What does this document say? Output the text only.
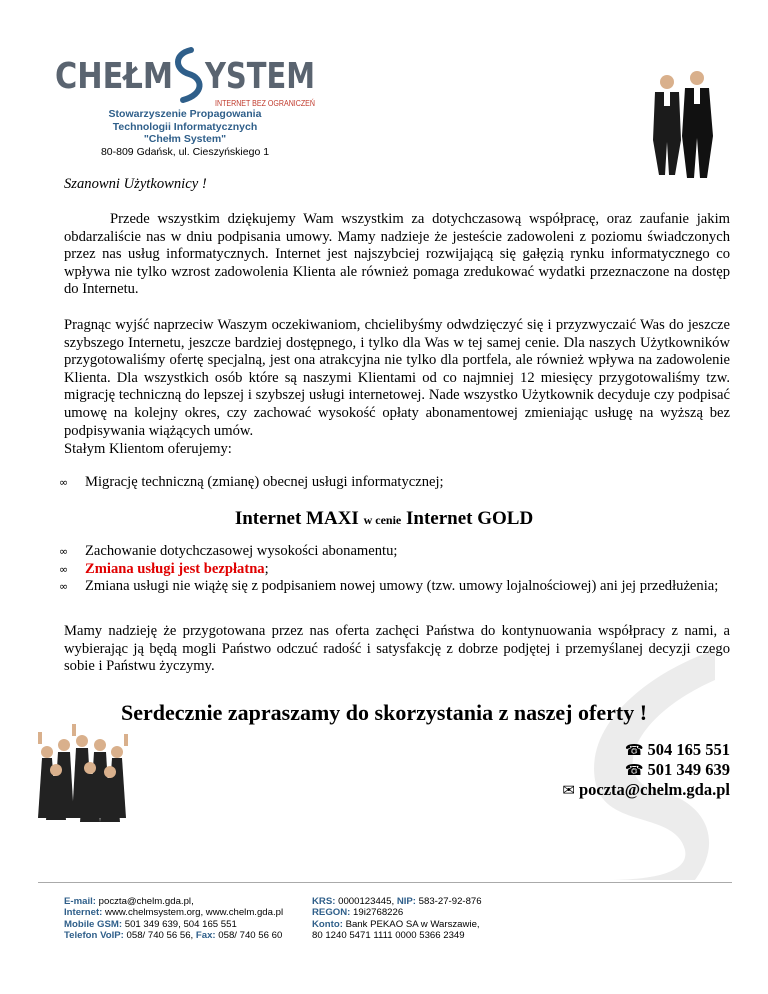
CHEŁM YSTEM
INTERNET BEZ OGRANICZEŃ
Stowarzyszenie Propagowania
Technologii Informatycznych
"Chełm System"
80-809 Gdańsk, ul. Cieszyńskiego 1
Szanowni Użytkownicy !
Przede wszystkim dziękujemy Wam wszystkim za dotychczasową współpracę, oraz zaufanie jakim obdarzaliście nas w dniu podpisania umowy. Mamy nadzieje że jesteście zadowoleni z poziomu świadczonych przez nas usług informatycznych. Internet jest najszybciej rozwijającą się gałęzią rynku informatycznego co wpływa nie tylko wzrost zadowolenia Klienta ale również pomaga zredukować wydatki przeznaczone na dostęp do Internetu.
Pragnąc wyjść naprzeciw Waszym oczekiwaniom, chcielibyśmy odwdzięczyć się i przyzwyczaić Was do jeszcze szybszego Internetu, jeszcze bardziej dostępnego, i tylko dla Was w tej samej cenie. Dla naszych Użytkowników przygotowaliśmy ofertę specjalną, jest ona atrakcyjna nie tylko dla portfela, ale również wpływa na zadowolenie Klienta. Dla wszystkich osób które są naszymi Klientami od co najmniej 12 miesięcy przygotowaliśmy tzw. migrację techniczną do lepszej i szybszej usługi internetowej. Nade wszystko Użytkownik decyduje czy podpisać umowę na kolejny okres, czy zachować wysokość opłaty abonamentowej zmieniając usługę na wyższą bez podpisywania wiążących umów.
Stałym Klientom oferujemy:
∞ Migrację techniczną (zmianę) obecnej usługi informatycznej;
Internet MAXI w cenie Internet GOLD
∞ Zachowanie dotychczasowej wysokości abonamentu;
∞ Zmiana usługi jest bezpłatna;
∞ Zmiana usługi nie wiążę się z podpisaniem nowej umowy (tzw. umowy lojalnościowej) ani jej przedłużenia;
Mamy nadzieję że przygotowana przez nas oferta zachęci Państwa do kontynuowania współpracy z nami, a wybierając ją będą mogli Państwo odczuć radość i satysfakcję z dobrze podjętej i przemyślanej decyzji czego sobie i Państwu życzymy.
Serdecznie zapraszamy do skorzystania z naszej oferty !
☎ 504 165 551
☎ 501 349 639
✉ poczta@chelm.gda.pl
E-mail: poczta@chelm.gda.pl,
Internet: www.chelmsystem.org, www.chelm.gda.pl
Mobile GSM: 501 349 639, 504 165 551
Telefon VoIP: 058/ 740 56 56, Fax: 058/ 740 56 60
KRS: 0000123445, NIP: 583-27-92-876
REGON: 19i2768226
Konto: Bank PEKAO SA w Warszawie,
80 1240 5471 1111 0000 5366 2349
